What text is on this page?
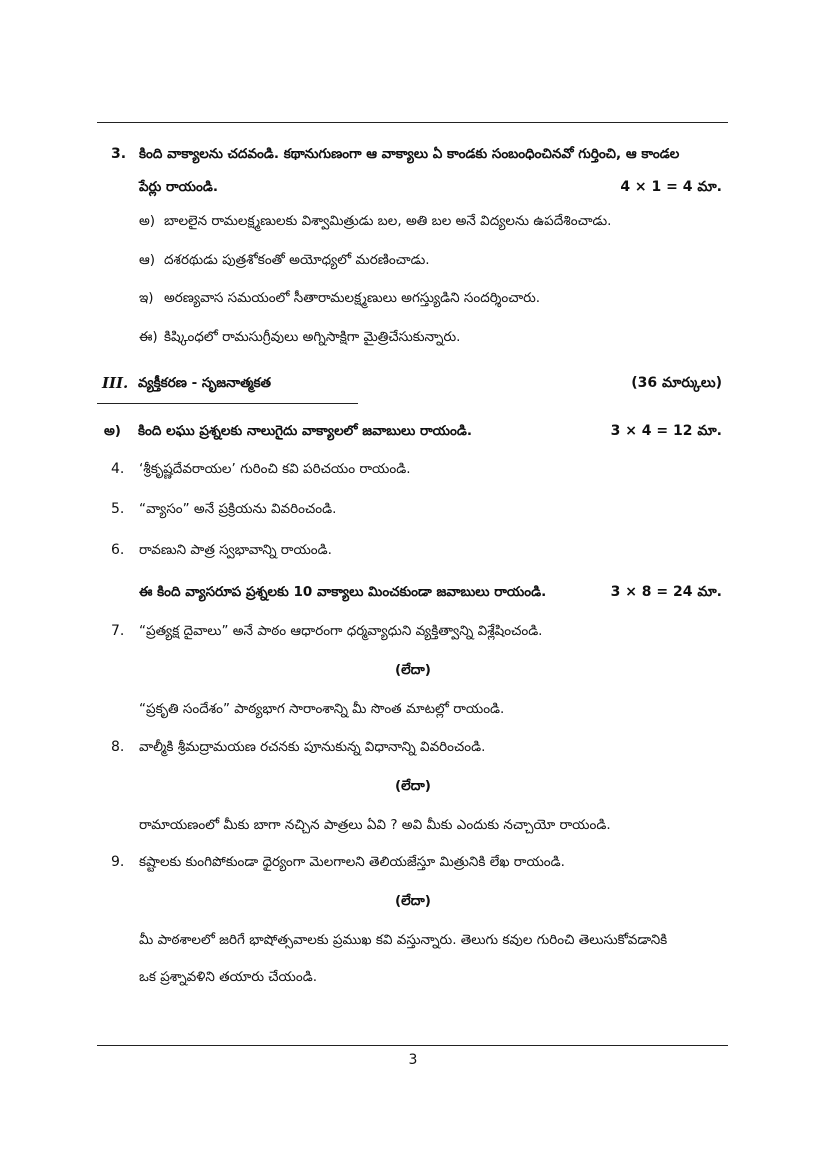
3. కింది వాక్యాలను చదవండి. కథానుగుణంగా ఆ వాక్యాలు ఏ కాండకు సంబంధించినవో గుర్తించి, ఆ కాండల
పేర్లు రాయండి.	4 × 1 = 4 మా.
అ) బాలలైన రామలక్ష్మణులకు విశ్వామిత్రుడు బల, అతి బల అనే విద్యలను ఉపదేశించాడు.
ఆ) దశరథుడు పుత్రశోకంతో అయోధ్యలో మరణించాడు.
ఇ) అరణ్యవాస సమయంలో సీతారామలక్ష్మణులు అగస్త్యుడిని సందర్శించారు.
ఈ) కిష్కింధలో రామసుగ్రీవులు అగ్నిసాక్షిగా మైత్రిచేసుకున్నారు.
III. వ్యక్తీకరణ - సృజనాత్మకత	(36 మార్కులు)
అ) కింది లఘు ప్రశ్నలకు నాలుగైదు వాక్యాలలో జవాబులు రాయండి.	3 × 4 = 12 మా.
4. ‘శ్రీకృష్ణదేవరాయల’ గురించి కవి పరిచయం రాయండి.
5. “వ్యాసం” అనే ప్రక్రియను వివరించండి.
6. రావణుని పాత్ర స్వభావాన్ని రాయండి.
ఈ కింది వ్యాసరూప ప్రశ్నలకు 10 వాక్యాలు మించకుండా జవాబులు రాయండి.	3 × 8 = 24 మా.
7. “ప్రత్యక్ష దైవాలు” అనే పాఠం ఆధారంగా ధర్మవ్యాధుని వ్యక్తిత్వాన్ని విశ్లేషించండి.
(లేదా)
“ప్రకృతి సందేశం” పాఠ్యభాగ సారాంశాన్ని మీ సొంత మాటల్లో రాయండి.
8. వాల్మీకి శ్రీమద్రామయణ రచనకు పూనుకున్న విధానాన్ని వివరించండి.
(లేదా)
రామాయణంలో మీకు బాగా నచ్చిన పాత్రలు ఏవి ? అవి మీకు ఎందుకు నచ్చాయో రాయండి.
9. కష్టాలకు కుంగిపోకుండా ధైర్యంగా మెలగాలని తెలియజేస్తూ మిత్రునికి లేఖ రాయండి.
(లేదా)
మీ పాఠశాలలో జరిగే భాషోత్సవాలకు ప్రముఖ కవి వస్తున్నారు. తెలుగు కవుల గురించి తెలుసుకోవడానికి
ఒక ప్రశ్నావళిని తయారు చేయండి.
3
